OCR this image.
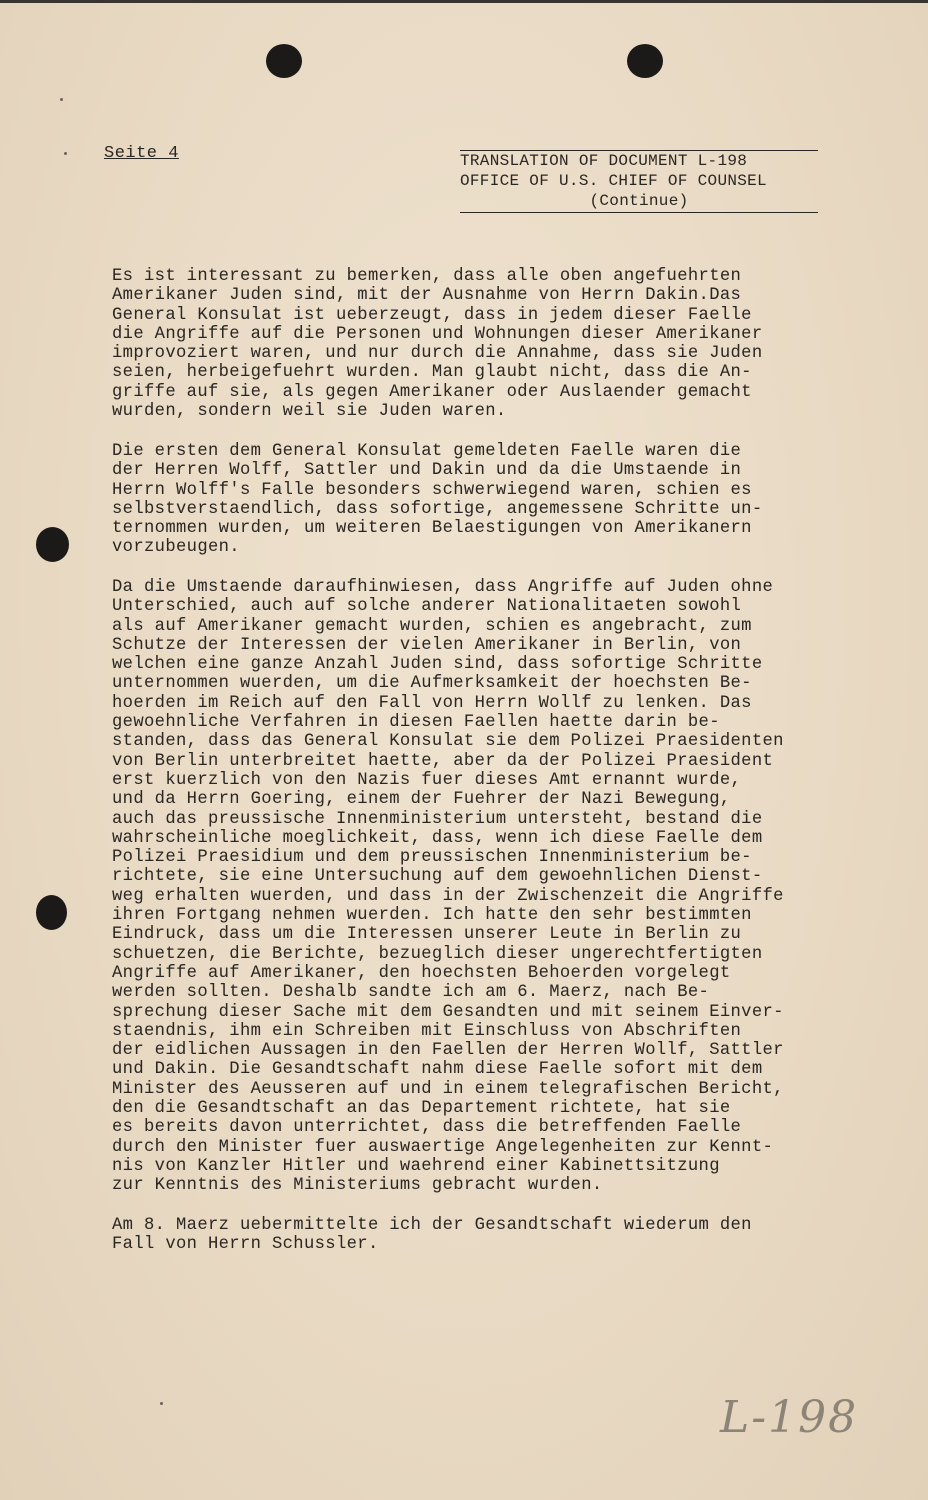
Seite 4	TRANSLATION OF DOCUMENT L-198
OFFICE OF U.S. CHIEF OF COUNSEL
(Continue)
Es ist interessant zu bemerken, dass alle oben angefuehrten
Amerikaner Juden sind, mit der Ausnahme von Herrn Dakin.Das
General Konsulat ist ueberzeugt, dass in jedem dieser Faelle
die Angriffe auf die Personen und Wohnungen dieser Amerikaner
improvoziert waren, und nur durch die Annahme, dass sie Juden
seien, herbeigefuehrt wurden. Man glaubt nicht, dass die An-
griffe auf sie, als gegen Amerikaner oder Auslaender gemacht
wurden, sondern weil sie Juden waren.
Die ersten dem General Konsulat gemeldeten Faelle waren die
der Herren Wolff, Sattler und Dakin und da die Umstaende in
Herrn Wolff's Falle besonders schwerwiegend waren, schien es
selbstverstaendlich, dass sofortige, angemessene Schritte un-
ternommen wurden, um weiteren Belaestigungen von Amerikanern
vorzubeugen.
Da die Umstaende daraufhinwiesen, dass Angriffe auf Juden ohne
Unterschied, auch auf solche anderer Nationalitaeten sowohl
als auf Amerikaner gemacht wurden, schien es angebracht, zum
Schutze der Interessen der vielen Amerikaner in Berlin, von
welchen eine ganze Anzahl Juden sind, dass sofortige Schritte
unternommen wuerden, um die Aufmerksamkeit der hoechsten Be-
hoerden im Reich auf den Fall von Herrn Wollf zu lenken. Das
gewoehnliche Verfahren in diesen Faellen haette darin be-
standen, dass das General Konsulat sie dem Polizei Praesidenten
von Berlin unterbreitet haette, aber da der Polizei Praesident
erst kuerzlich von den Nazis fuer dieses Amt ernannt wurde,
und da Herrn Goering, einem der Fuehrer der Nazi Bewegung,
auch das preussische Innenministerium untersteht, bestand die
wahrscheinliche moeglichkeit, dass, wenn ich diese Faelle dem
Polizei Praesidium und dem preussischen Innenministerium be-
richtete, sie eine Untersuchung auf dem gewoehnlichen Dienst-
weg erhalten wuerden, und dass in der Zwischenzeit die Angriffe
ihren Fortgang nehmen wuerden. Ich hatte den sehr bestimmten
Eindruck, dass um die Interessen unserer Leute in Berlin zu
schuetzen, die Berichte, bezueglich dieser ungerechtfertigten
Angriffe auf Amerikaner, den hoechsten Behoerden vorgelegt
werden sollten. Deshalb sandte ich am 6. Maerz, nach Be-
sprechung dieser Sache mit dem Gesandten und mit seinem Einver-
staendnis, ihm ein Schreiben mit Einschluss von Abschriften
der eidlichen Aussagen in den Faellen der Herren Wollf, Sattler
und Dakin. Die Gesandtschaft nahm diese Faelle sofort mit dem
Minister des Aeusseren auf und in einem telegrafischen Bericht,
den die Gesandtschaft an das Departement richtete, hat sie
es bereits davon unterrichtet, dass die betreffenden Faelle
durch den Minister fuer auswaertige Angelegenheiten zur Kennt-
nis von Kanzler Hitler und waehrend einer Kabinettsitzung
zur Kenntnis des Ministeriums gebracht wurden.
Am 8. Maerz uebermittelte ich der Gesandtschaft wiederum den
Fall von Herrn Schussler.
L-198
